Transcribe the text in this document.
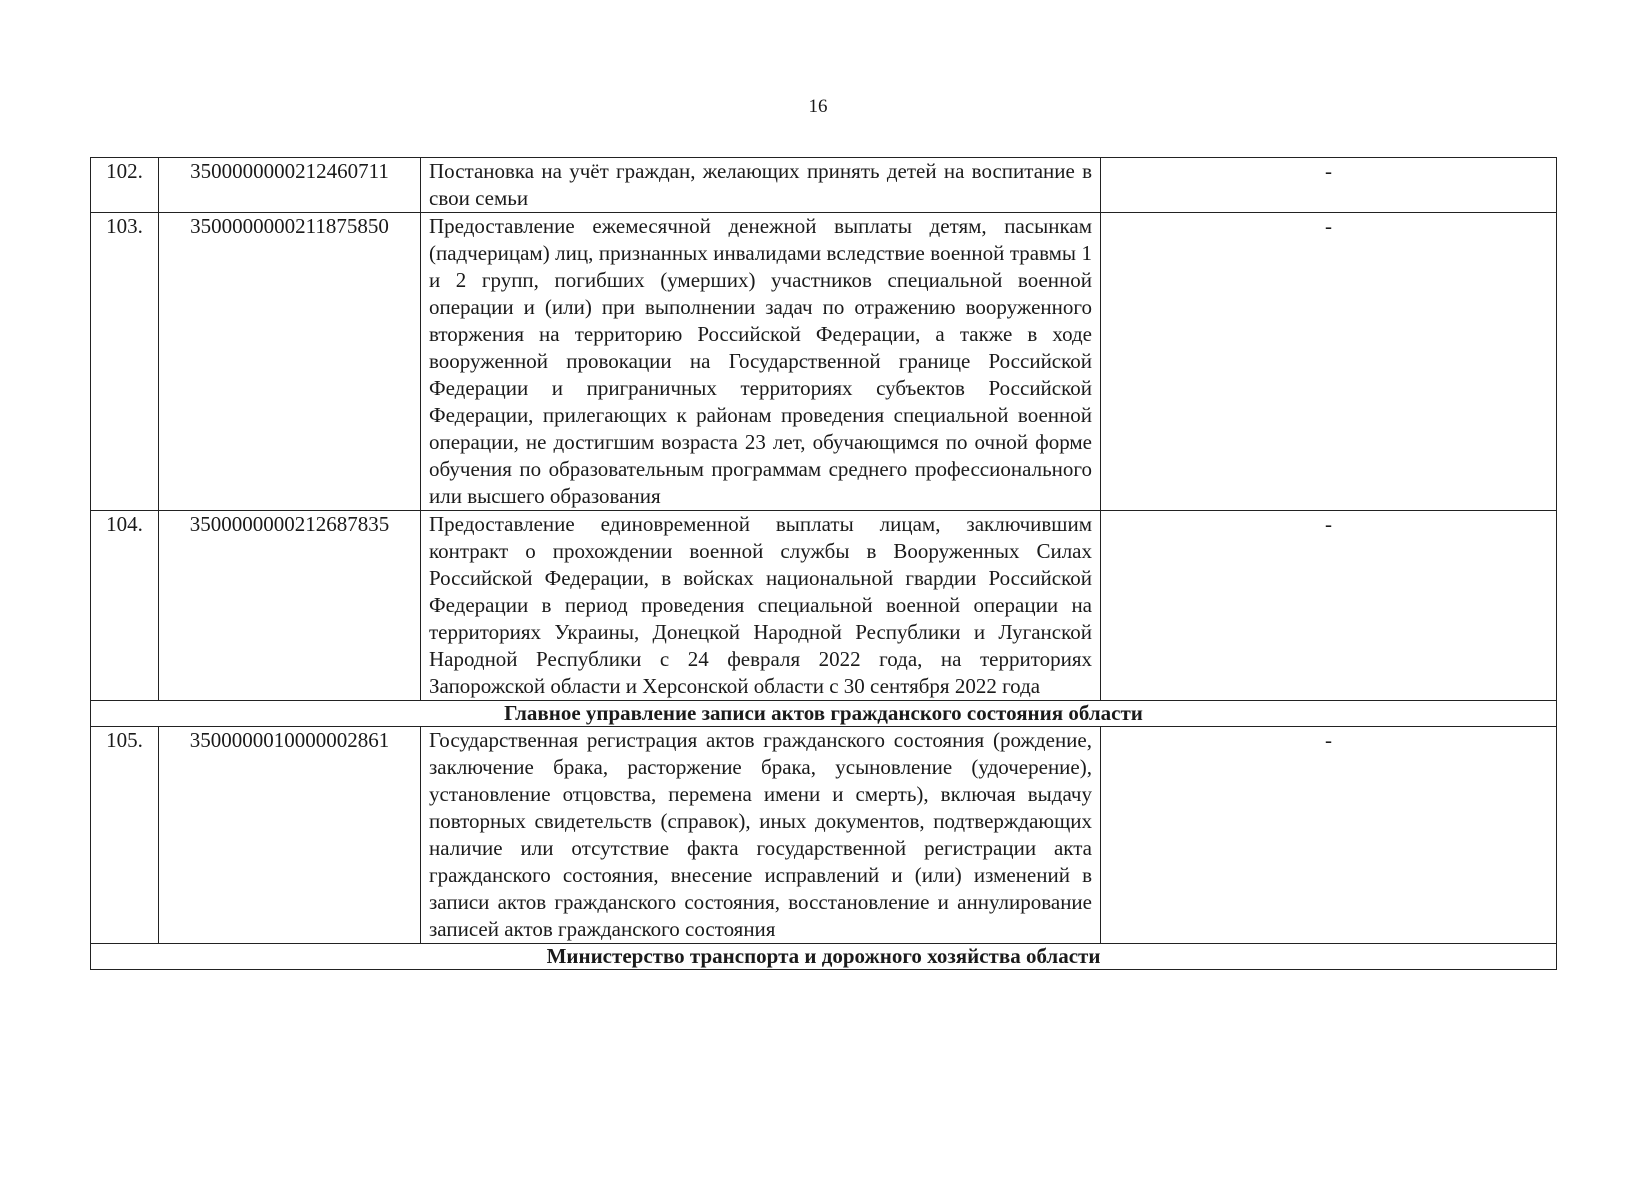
16
102.	3500000000212460711	Постановка на учёт граждан, желающих принять детей на воспитание в свои семьи	-
103.	3500000000211875850	Предоставление ежемесячной денежной выплаты детям, пасынкам (падчерицам) лиц, признанных инвалидами вследствие военной травмы 1 и 2 групп, погибших (умерших) участников специальной военной операции и (или) при выполнении задач по отражению вооруженного вторжения на территорию Российской Федерации, а также в ходе вооруженной провокации на Государственной границе Российской Федерации и приграничных территориях субъектов Российской Федерации, прилегающих к районам проведения специальной военной операции, не достигшим возраста 23 лет, обучающимся по очной форме обучения по образовательным программам среднего профессионального или высшего образования	-
104.	3500000000212687835	Предоставление единовременной выплаты лицам, заключившим контракт о прохождении военной службы в Вооруженных Силах Российской Федерации, в войсках национальной гвардии Российской Федерации в период проведения специальной военной операции на территориях Украины, Донецкой Народной Республики и Луганской Народной Республики с 24 февраля 2022 года, на территориях Запорожской области и Херсонской области с 30 сентября 2022 года	-
Главное управление записи актов гражданского состояния области			
105.	3500000010000002861	Государственная регистрация актов гражданского состояния (рождение, заключение брака, расторжение брака, усыновление (удочерение), установление отцовства, перемена имени и смерть), включая выдачу повторных свидетельств (справок), иных документов, подтверждающих наличие или отсутствие факта государственной регистрации акта гражданского состояния, внесение исправлений и (или) изменений в записи актов гражданского состояния, восстановление и аннулирование записей актов гражданского состояния	-
Министерство транспорта и дорожного хозяйства области			
